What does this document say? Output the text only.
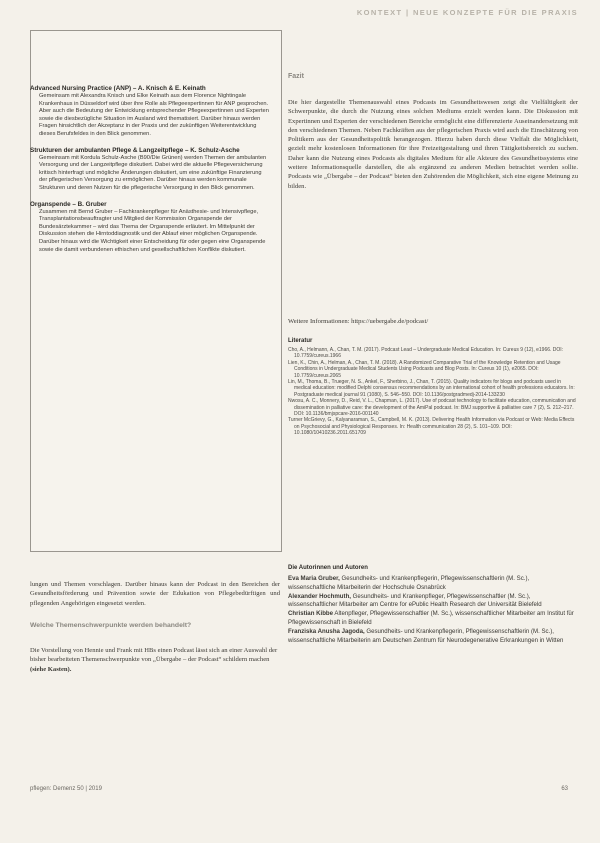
KONTEXT | NEUE KONZEPTE FÜR DIE PRAXIS
Advanced Nursing Practice (ANP) – A. Knisch & E. Keinath
Gemeinsam mit Alexandra Knisch und Elke Keinath aus dem Florence Nightingale Krankenhaus in Düsseldorf wird über ihre Rolle als Pflegeexpertinnen für ANP gesprochen. Aber auch die Bedeutung der Entwicklung entsprechender Pflegeexpertinnen und Experten sowie die diesbezügliche Situation im Ausland wird thematisiert. Darüber hinaus werden Fragen hinsichtlich der Akzeptanz in der Praxis und der zukünftigen Weiterentwicklung dieses Berufsfeldes in den Blick genommen.
Strukturen der ambulanten Pflege & Langzeitpflege – K. Schulz-Asche
Gemeinsam mit Kordula Schulz-Asche (B90/Die Grünen) werden Themen der ambulanten Versorgung und der Langzeitpflege diskutiert. Dabei wird die aktuelle Pflegeversicherung kritisch hinterfragt und mögliche Änderungen diskutiert, um eine zukünftige Finanzierung der pflegerischen Versorgung zu ermöglichen. Darüber hinaus werden kommunale Strukturen und deren Nutzen für die pflegerische Versorgung in den Blick genommen.
Organspende – B. Gruber
Zusammen mit Bernd Gruber – Fachkrankenpfleger für Anästhesie- und Intensivpflege, Transplantationsbeauftragter und Mitglied der Kommission Organspende der Bundesärztekammer – wird das Thema der Organspende erläutert. Im Mittelpunkt der Diskussion stehen die Hirntoddiagnostik und der Ablauf einer möglichen Organspende. Darüber hinaus wird die Wichtigkeit einer Entscheidung für oder gegen eine Organspende sowie die damit verbundenen ethischen und gesellschaftlichen Konflikte diskutiert.
Fazit
Die hier dargestellte Themenauswahl eines Podcasts im Gesundheitswesen zeigt die Vielfältigkeit der Schwerpunkte, die durch die Nutzung eines solchen Mediums erzielt werden kann. Die Diskussion mit Expertinnen und Experten der verschiedenen Bereiche ermöglicht eine differenzierte Auseinandersetzung mit den verschiedenen Themen. Neben Fachkräften aus der pflegerischen Praxis wird auch die Einschätzung von Politikern aus der Gesundheitspolitik herangezogen. Hierzu haben durch diese Vielfalt die Möglichkeit, gezielt mehr kostenlosen Informationen für ihre Freizeitgestaltung und ihren Tätigkeitsbereich zu suchen. Daher kann die Nutzung eines Podcasts als digitales Medium für alle Akteure des Gesundheitssystems eine weitere Informationsquelle darstellen, die als ergänzend zu anderen Medien betrachtet werden sollte. Podcasts wie „Übergabe – der Podcast“ bieten den Zuhörenden die Möglichkeit, sich eine eigene Meinung zu bilden.
Weitere Informationen: https://uebergabe.de/podcast/
Literatur

Cho, A., Helmann, A., Chan, T. M. (2017). Podcast Lead – Undergraduate Medical Education. In: Cureus 9 (12), e1966. DOI: 10.7759/cureus.1966

Lien, K., Chin, A., Helman, A., Chan, T. M. (2018). A Randomized Comparative Trial of the Knowledge Retention and Usage Conditions in Undergraduate Medical Students Using Podcasts and Blog Posts. In: Cureus 10 (1), e2065. DOI: 10.7759/cureus.2065

Lin, M., Thoma, B., Trueger, N. S., Ankel, F., Sherbino, J., Chan, T. (2015). Quality indicators for blogs and podcasts used in medical education: modified Delphi consensus recommendations by an international cohort of health professions educators. In: Postgraduate medical journal 91 (1080), S. 546–550. DOI: 10.1136/postgradmedj-2014-133230

Nwosu, A. C., Monnery, D., Reid, V. L., Chapman, L. (2017). Use of podcast technology to facilitate education, communication and dissemination in palliative care: the development of the AmiPal podcast. In: BMJ supportive & palliative care 7 (2), S. 212–217. DOI: 10.1136/bmjspcare-2016-001140

Turner McGrievy, G., Kalyanaraman, S., Campbell, M. K. (2013). Delivering Health Information via Podcast or Web: Media Effects on Psychosocial and Physiological Responses. In: Health communication 28 (2), S. 101–109. DOI: 10.1080/10410236.2011.651709

lungen und Themen vorschlagen. Darüber hinaus kann der Podcast in den Bereichen der Gesundheitsförderung und Prävention sowie der Edukation von Pflegebedürftigen und pflegenden Angehörigen eingesetzt werden.
Welche Themenschwerpunkte werden behandelt?
Die Vorstellung von Hennie und Frank mit HBs einen Podcast lässt sich an einer Auswahl der bisher bearbeiteten Themenschwerpunkte von „Übergabe – der Podcast“ schildern machen (siehe Kasten).
Die Autorinnen und Autoren

Eva Maria Gruber, Gesundheits- und Krankenpflegerin, Pflegewissenschaftlerin (M. Sc.), wissenschaftliche Mitarbeiterin der Hochschule Osnabrück

Alexander Hochmuth, Gesundheits- und Krankenpfleger, Pflegewissenschaftler (M. Sc.), wissenschaftlicher Mitarbeiter am Centre for ePublic Health Research der Universität Bielefeld

Christian Kibbe Altenpfleger, Pflegewissenschaftler (M. Sc.), wissenschaftlicher Mitarbeiter am Institut für Pflegewissenschaft in Bielefeld

Franziska Anusha Jagoda, Gesundheits- und Krankenpflegerin, Pflegewissenschaftlerin (M. Sc.), wissenschaftliche Mitarbeiterin am Deutschen Zentrum für Neurodegenerative Erkrankungen in Witten

pflegen: Demenz 50 | 2019	63
